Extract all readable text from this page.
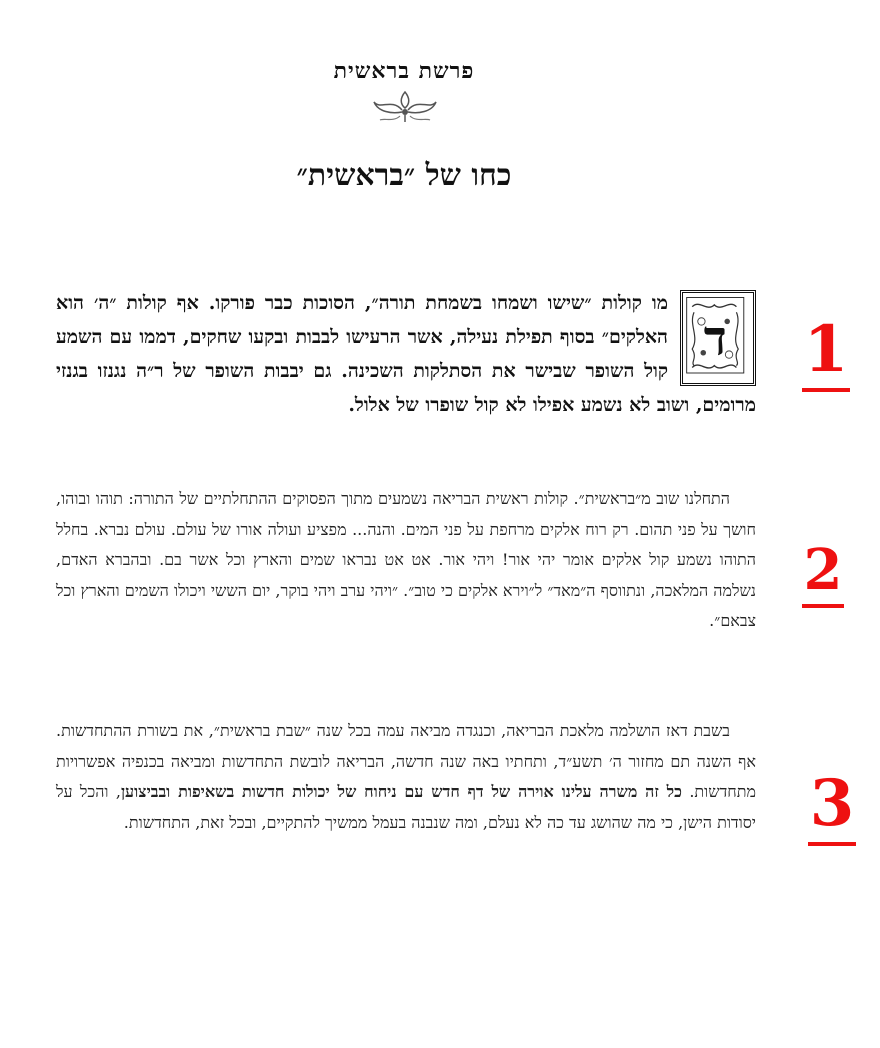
פרשת בראשית
כחו של ״בראשית״
ד
מו קולות ״שישו ושמחו בשמחת תורה״, הסוכות כבר פורקו. אף קולות ״ה׳ הוא האלקים״ בסוף תפילת נעילה, אשר הרעישו לבבות ובקעו שחקים, דממו עם השמע קול השופר שבישר את הסתלקות השכינה. גם יבבות השופר של ר״ה נגנזו בגנזי מרומים, ושוב לא נשמע אפילו לא קול שופרו של אלול.
התחלנו שוב מ״בראשית״. קולות ראשית הבריאה נשמעים מתוך הפסוקים ההתחלתיים של התורה: תוהו ובוהו, חושך על פני תהום. רק רוח אלקים מרחפת על פני המים. והנה... מפציע ועולה אורו של עולם. עולם נברא. בחלל התוהו נשמע קול אלקים אומר יהי אור! ויהי אור. אט אט נבראו שמים והארץ וכל אשר בם. ובהברא האדם, נשלמה המלאכה, ונתווסף ה״מאד״ ל״וירא אלקים כי טוב״. ״ויהי ערב ויהי בוקר, יום הששי ויכולו השמים והארץ וכל צבאם״.
בשבת דאז הושלמה מלאכת הבריאה, וכנגדה מביאה עמה בכל שנה ״שבת בראשית״, את בשורת ההתחדשות. אף השנה תם מחזור ה׳ תשע״ד, ותחתיו באה שנה חדשה, הבריאה לובשת התחדשות ומביאה בכנפיה אפשרויות מתחדשות. כל זה משרה עלינו אוירה של דף חדש עם ניחוח של יכולות חדשות בשאיפות ובביצוען, והכל על יסודות הישן, כי מה שהושג עד כה לא נעלם, ומה שנבנה בעמל ממשיך להתקיים, ובכל זאת, התחדשות.
1
2
3
